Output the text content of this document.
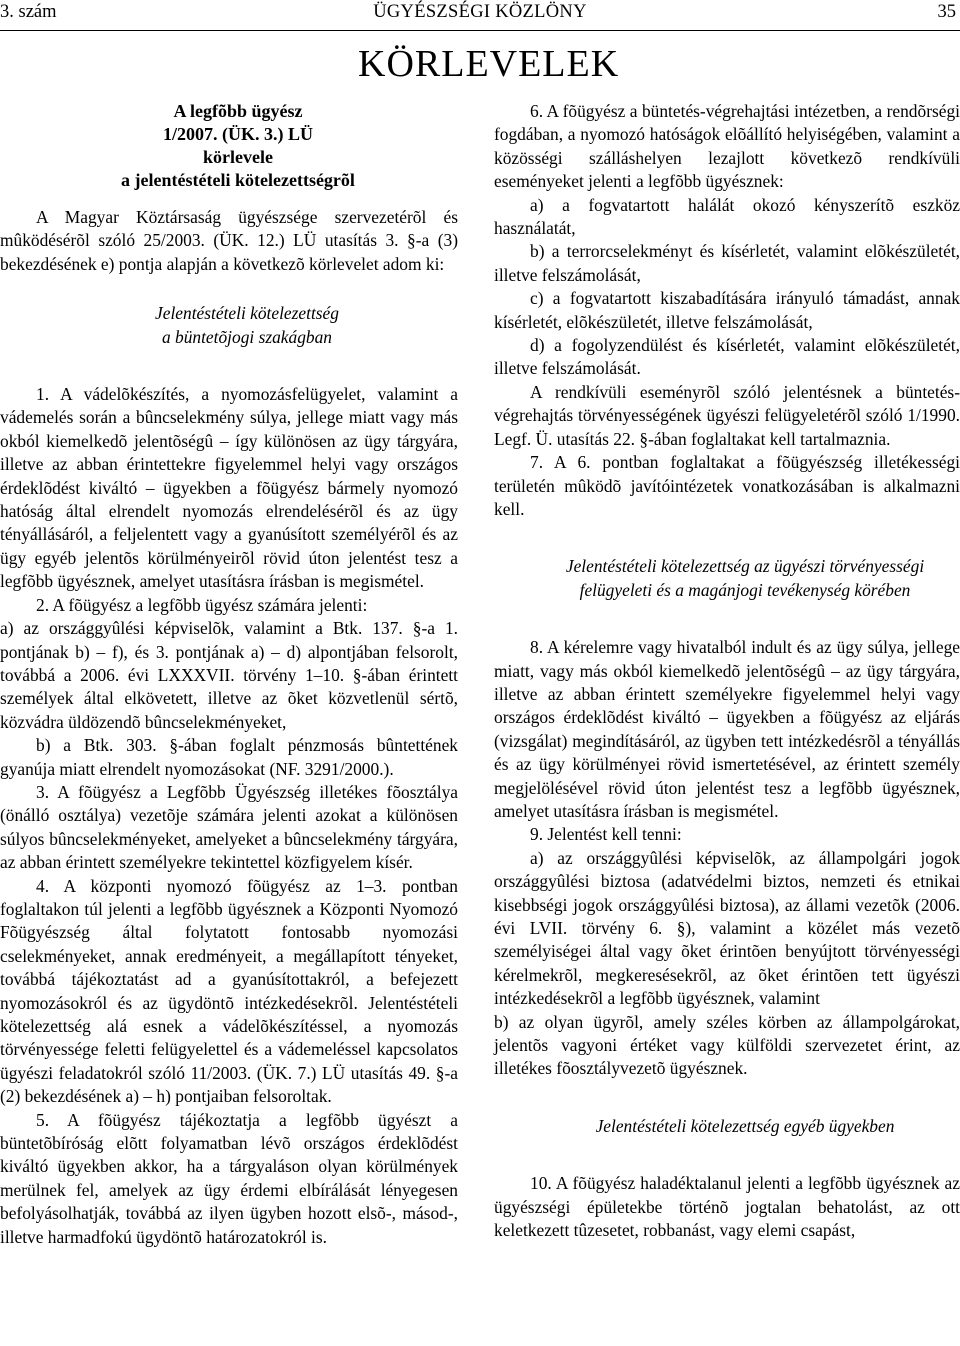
3. szám	ÜGYÉSZSÉGI KÖZLÖNY	35
KÖRLEVELEK
A legfõbb ügyész
1/2007. (ÜK. 3.) LÜ
körlevele
a jelentéstételi kötelezettségrõl

A Magyar Köztársaság ügyészsége szervezetérõl és mûködésérõl szóló 25/2003. (ÜK. 12.) LÜ utasítás 3. §-a (3) bekezdésének e) pontja alapján a következõ körlevelet adom ki:

Jelentéstételi kötelezettség

a büntetõjogi szakágban

1. A vádelõkészítés, a nyomozásfelügyelet, valamint a vádemelés során a bûncselekmény súlya, jellege miatt vagy más okból kiemelkedõ jelentõségû – így különösen az ügy tárgyára, illetve az abban érintettekre figyelemmel helyi vagy országos érdeklõdést kiváltó – ügyekben a fõügyész bármely nyomozó hatóság által elrendelt nyomozás elrendelésérõl és az ügy tényállásáról, a feljelentett vagy a gyanúsított személyérõl és az ügy egyéb jelentõs körülményeirõl rövid úton jelentést tesz a legfõbb ügyésznek, amelyet utasításra írásban is megismétel.

2. A fõügyész a legfõbb ügyész számára jelenti:

a) az országgyûlési képviselõk, valamint a Btk. 137. §-a 1. pontjának b) – f), és 3. pontjának a) – d) alpontjában felsorolt, továbbá a 2006. évi LXXXVII. törvény 1–10. §-ában érintett személyek által elkövetett, illetve az õket közvetlenül sértõ, közvádra üldözendõ bûncselekményeket,

b) a Btk. 303. §-ában foglalt pénzmosás bûntettének gyanúja miatt elrendelt nyomozásokat (NF. 3291/2000.).

3. A fõügyész a Legfõbb Ügyészség illetékes fõosztálya (önálló osztálya) vezetõje számára jelenti azokat a különösen súlyos bûncselekményeket, amelyeket a bûncselekmény tárgyára, az abban érintett személyekre tekintettel közfigyelem kísér.

4. A központi nyomozó fõügyész az 1–3. pontban foglaltakon túl jelenti a legfõbb ügyésznek a Központi Nyomozó Fõügyészség által folytatott fontosabb nyomozási cselekményeket, annak eredményeit, a megállapított tényeket, továbbá tájékoztatást ad a gyanúsítottakról, a befejezett nyomozásokról és az ügydöntõ intézkedésekrõl. Jelentéstételi kötelezettség alá esnek a vádelõkészítéssel, a nyomozás törvényessége feletti felügyelettel és a vádemeléssel kapcsolatos ügyészi feladatokról szóló 11/2003. (ÜK. 7.) LÜ utasítás 49. §-a (2) bekezdésének a) – h) pontjaiban felsoroltak.

5. A fõügyész tájékoztatja a legfõbb ügyészt a büntetõbíróság elõtt folyamatban lévõ országos érdeklõdést kiváltó ügyekben akkor, ha a tárgyaláson olyan körülmények merülnek fel, amelyek az ügy érdemi elbírálását lényegesen befolyásolhatják, továbbá az ilyen ügyben hozott elsõ-, másod-, illetve harmadfokú ügydöntõ határozatokról is.

6. A fõügyész a büntetés-végrehajtási intézetben, a rendõrségi fogdában, a nyomozó hatóságok elõállító helyiségében, valamint a közösségi szálláshelyen lezajlott következõ rendkívüli eseményeket jelenti a legfõbb ügyésznek:

a) a fogvatartott halálát okozó kényszerítõ eszköz használatát,

b) a terrorcselekményt és kísérletét, valamint elõkészületét, illetve felszámolását,

c) a fogvatartott kiszabadítására irányuló támadást, annak kísérletét, elõkészületét, illetve felszámolását,

d) a fogolyzendülést és kísérletét, valamint elõkészületét, illetve felszámolását.

A rendkívüli eseményrõl szóló jelentésnek a büntetés-végrehajtás törvényességének ügyészi felügyeletérõl szóló 1/1990. Legf. Ü. utasítás 22. §-ában foglaltakat kell tartalmaznia.

7. A 6. pontban foglaltakat a fõügyészség illetékességi területén mûködõ javítóintézetek vonatkozásában is alkalmazni kell.

Jelentéstételi kötelezettség az ügyészi törvényességi

felügyeleti és a magánjogi tevékenység körében

8. A kérelemre vagy hivatalból indult és az ügy súlya, jellege miatt, vagy más okból kiemelkedõ jelentõségû – az ügy tárgyára, illetve az abban érintett személyekre figyelemmel helyi vagy országos érdeklõdést kiváltó – ügyekben a fõügyész az eljárás (vizsgálat) megindításáról, az ügyben tett intézkedésrõl a tényállás és az ügy körülményei rövid ismertetésével, az érintett személy megjelölésével rövid úton jelentést tesz a legfõbb ügyésznek, amelyet utasításra írásban is megismétel.

9. Jelentést kell tenni:

a) az országgyûlési képviselõk, az állampolgári jogok országgyûlési biztosa (adatvédelmi biztos, nemzeti és etnikai kisebbségi jogok országgyûlési biztosa), az állami vezetõk (2006. évi LVII. törvény 6. §), valamint a közélet más vezetõ személyiségei által vagy õket érintõen benyújtott törvényességi kérelmekrõl, megkeresésekrõl, az õket érintõen tett ügyészi intézkedésekrõl a legfõbb ügyésznek, valamint

b) az olyan ügyrõl, amely széles körben az állampolgárokat, jelentõs vagyoni értéket vagy külföldi szervezetet érint, az illetékes fõosztályvezetõ ügyésznek.

Jelentéstételi kötelezettség egyéb ügyekben

10. A fõügyész haladéktalanul jelenti a legfõbb ügyésznek az ügyészségi épületekbe történõ jogtalan behatolást, az ott keletkezett tûzesetet, robbanást, vagy elemi csapást,
